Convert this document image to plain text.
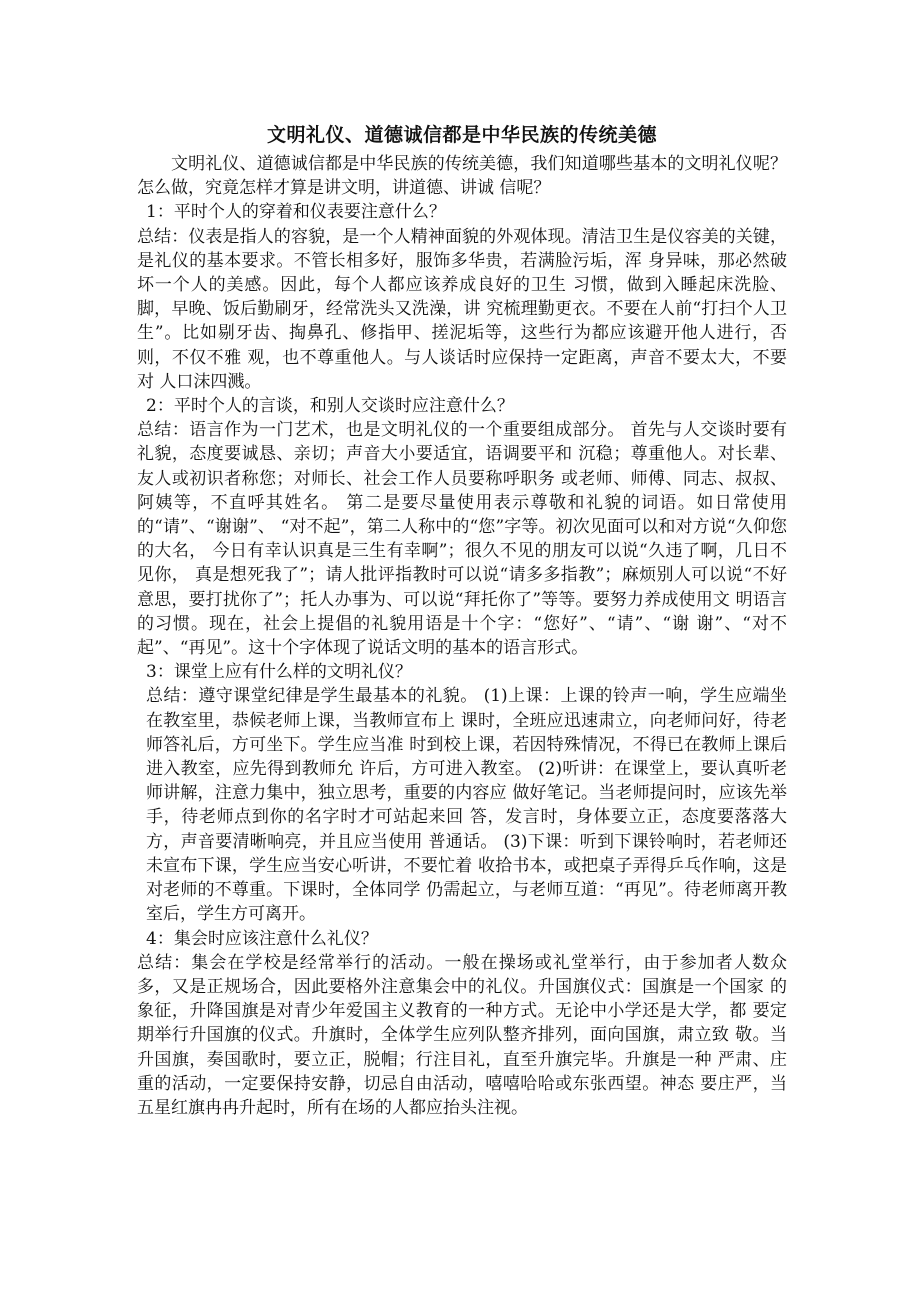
文明礼仪、道德诚信都是中华民族的传统美德

文明礼仪、道德诚信都是中华民族的传统美德，我们知道哪些基本的文明礼仪呢？怎么做，究竟怎样才算是讲文明，讲道德、讲诚 信呢？

1：平时个人的穿着和仪表要注意什么？

总结：仪表是指人的容貌，是一个人精神面貌的外观体现。清洁卫生是仪容美的关键，是礼仪的基本要求。不管长相多好，服饰多华贵，若满脸污垢，浑 身异味，那必然破坏一个人的美感。因此，每个人都应该养成良好的卫生 习惯，做到入睡起床洗脸、脚，早晚、饭后勤刷牙，经常洗头又洗澡，讲 究梳理勤更衣。不要在人前“打扫个人卫生”。比如剔牙齿、掏鼻孔、修指甲、搓泥垢等，这些行为都应该避开他人进行，否则，不仅不雅 观，也不尊重他人。与人谈话时应保持一定距离，声音不要太大，不要对 人口沫四溅。

2：平时个人的言谈，和别人交谈时应注意什么？

总结：语言作为一门艺术，也是文明礼仪的一个重要组成部分。 首先与人交谈时要有礼貌，态度要诚恳、亲切；声音大小要适宜，语调要平和 沉稳；尊重他人。对长辈、友人或初识者称您；对师长、社会工作人员要称呼职务 或老师、师傅、同志、叔叔、阿姨等，不直呼其姓名。 第二是要尽量使用表示尊敬和礼貌的词语。如日常使用的“请”、“谢谢”、 “对不起”，第二人称中的“您”字等。初次见面可以和对方说“久仰您的大名， 今日有幸认识真是三生有幸啊”；很久不见的朋友可以说“久违了啊，几日不见你， 真是想死我了”；请人批评指教时可以说“请多多指教”；麻烦别人可以说“不好 意思，要打扰你了”；托人办事为、可以说“拜托你了”等等。要努力养成使用文 明语言的习惯。现在，社会上提倡的礼貌用语是十个字：“您好”、“请”、“谢 谢”、“对不起”、“再见”。这十个字体现了说话文明的基本的语言形式。

3：课堂上应有什么样的文明礼仪？

总结：遵守课堂纪律是学生最基本的礼貌。 (1)上课：上课的铃声一响，学生应端坐在教室里，恭候老师上课，当教师宣布上 课时，全班应迅速肃立，向老师问好，待老师答礼后，方可坐下。学生应当准 时到校上课，若因特殊情况，不得已在教师上课后进入教室，应先得到教师允 许后，方可进入教室。 (2)听讲：在课堂上，要认真听老师讲解，注意力集中，独立思考，重要的内容应 做好笔记。当老师提问时，应该先举手，待老师点到你的名字时才可站起来回 答，发言时，身体要立正，态度要落落大方，声音要清晰响亮，并且应当使用 普通话。 (3)下课：听到下课铃响时，若老师还未宣布下课，学生应当安心听讲，不要忙着 收拾书本，或把桌子弄得乒乓作响，这是对老师的不尊重。下课时，全体同学 仍需起立，与老师互道：“再见”。待老师离开教室后，学生方可离开。

4：集会时应该注意什么礼仪？

总结：集会在学校是经常举行的活动。一般在操场或礼堂举行，由于参加者人数众 多，又是正规场合，因此要格外注意集会中的礼仪。升国旗仪式：国旗是一个国家 的象征，升降国旗是对青少年爱国主义教育的一种方式。无论中小学还是大学，都 要定期举行升国旗的仪式。升旗时，全体学生应列队整齐排列，面向国旗，肃立致 敬。当升国旗，奏国歌时，要立正，脱帽；行注目礼，直至升旗完毕。升旗是一种 严肃、庄重的活动，一定要保持安静，切忌自由活动，嘻嘻哈哈或东张西望。神态 要庄严，当五星红旗冉冉升起时，所有在场的人都应抬头注视。
